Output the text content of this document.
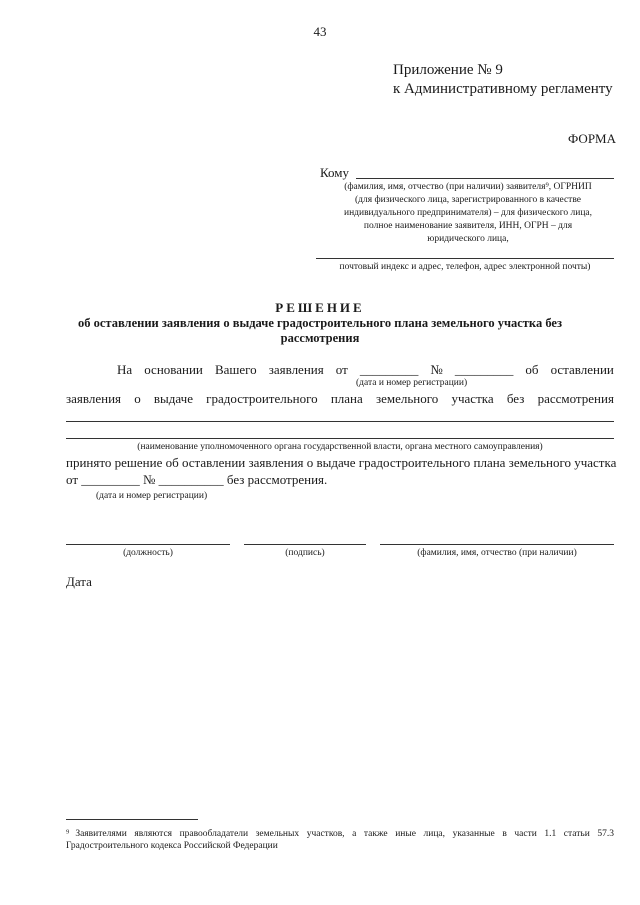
43
Приложение № 9
к Административному регламенту
ФОРМА
Кому
(фамилия, имя, отчество (при наличии) заявителя⁹, ОГРНИП
(для физического лица, зарегистрированного в качестве
индивидуального предпринимателя) – для физического лица,
полное наименование заявителя, ИНН, ОГРН – для
юридического лица,
почтовый индекс и адрес, телефон, адрес электронной почты)
РЕШЕНИЕ
об оставлении заявления о выдаче градостроительного плана земельного участка без
рассмотрения
На основании Вашего заявления от _________ № _________ об оставлении
(дата и номер регистрации)
заявления о выдаче градостроительного плана земельного участка без рассмотрения
(наименование уполномоченного органа государственной власти, органа местного самоуправления)
принято решение об оставлении заявления о выдаче градостроительного плана земельного участка
от _________ № __________ без рассмотрения.
(дата и номер регистрации)
(должность)	(подпись)	(фамилия, имя, отчество (при наличии)
Дата
⁹ Заявителями являются правообладатели земельных участков, а также иные лица, указанные в части 1.1 статьи 57.3
Градостроительного кодекса Российской Федерации
